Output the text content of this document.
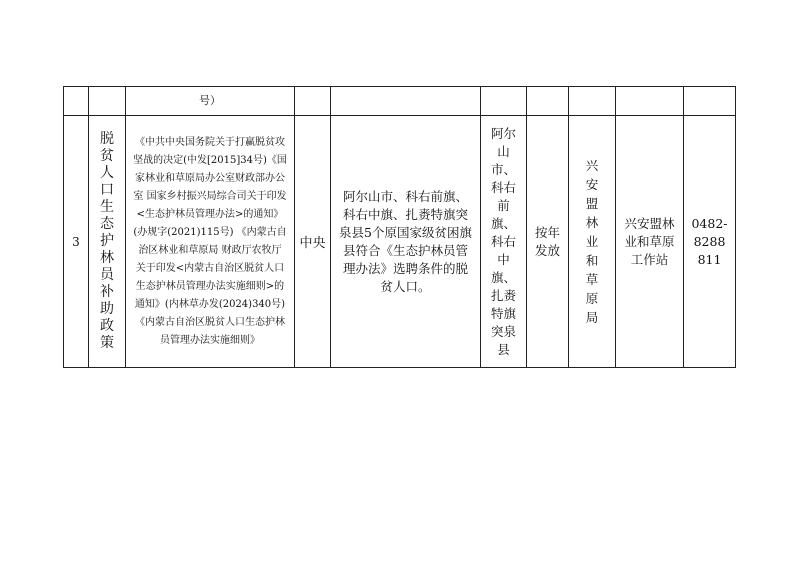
		号）							
3	脱贫人口生态护林员补助政策	《中共中央国务院关于打赢脱贫攻坚战的决定(中发[2015]34号)《国家林业和草原局办公室财政部办公室 国家乡村振兴局综合司关于印发<生态护林员管理办法>的通知》(办规字(2021)115号) 《内蒙古自治区林业和草原局 财政厅农牧厅 关于印发<内蒙古自治区脱贫人口生态护林员管理办法实施细则>的通知》(内林草办发(2024)340号)《内蒙古自治区脱贫人口生态护林员管理办法实施细则》	中央	阿尔山市、科右前旗、科右中旗、扎赉特旗突泉县5个原国家级贫困旗县符合《生态护林员管理办法》选聘条件的脱贫人口。	阿尔山市、科右前旗、科右中旗、扎赉特旗突泉县	按年发放	兴安盟林业和草原局	兴安盟林业和草原工作站	0482-8288811
